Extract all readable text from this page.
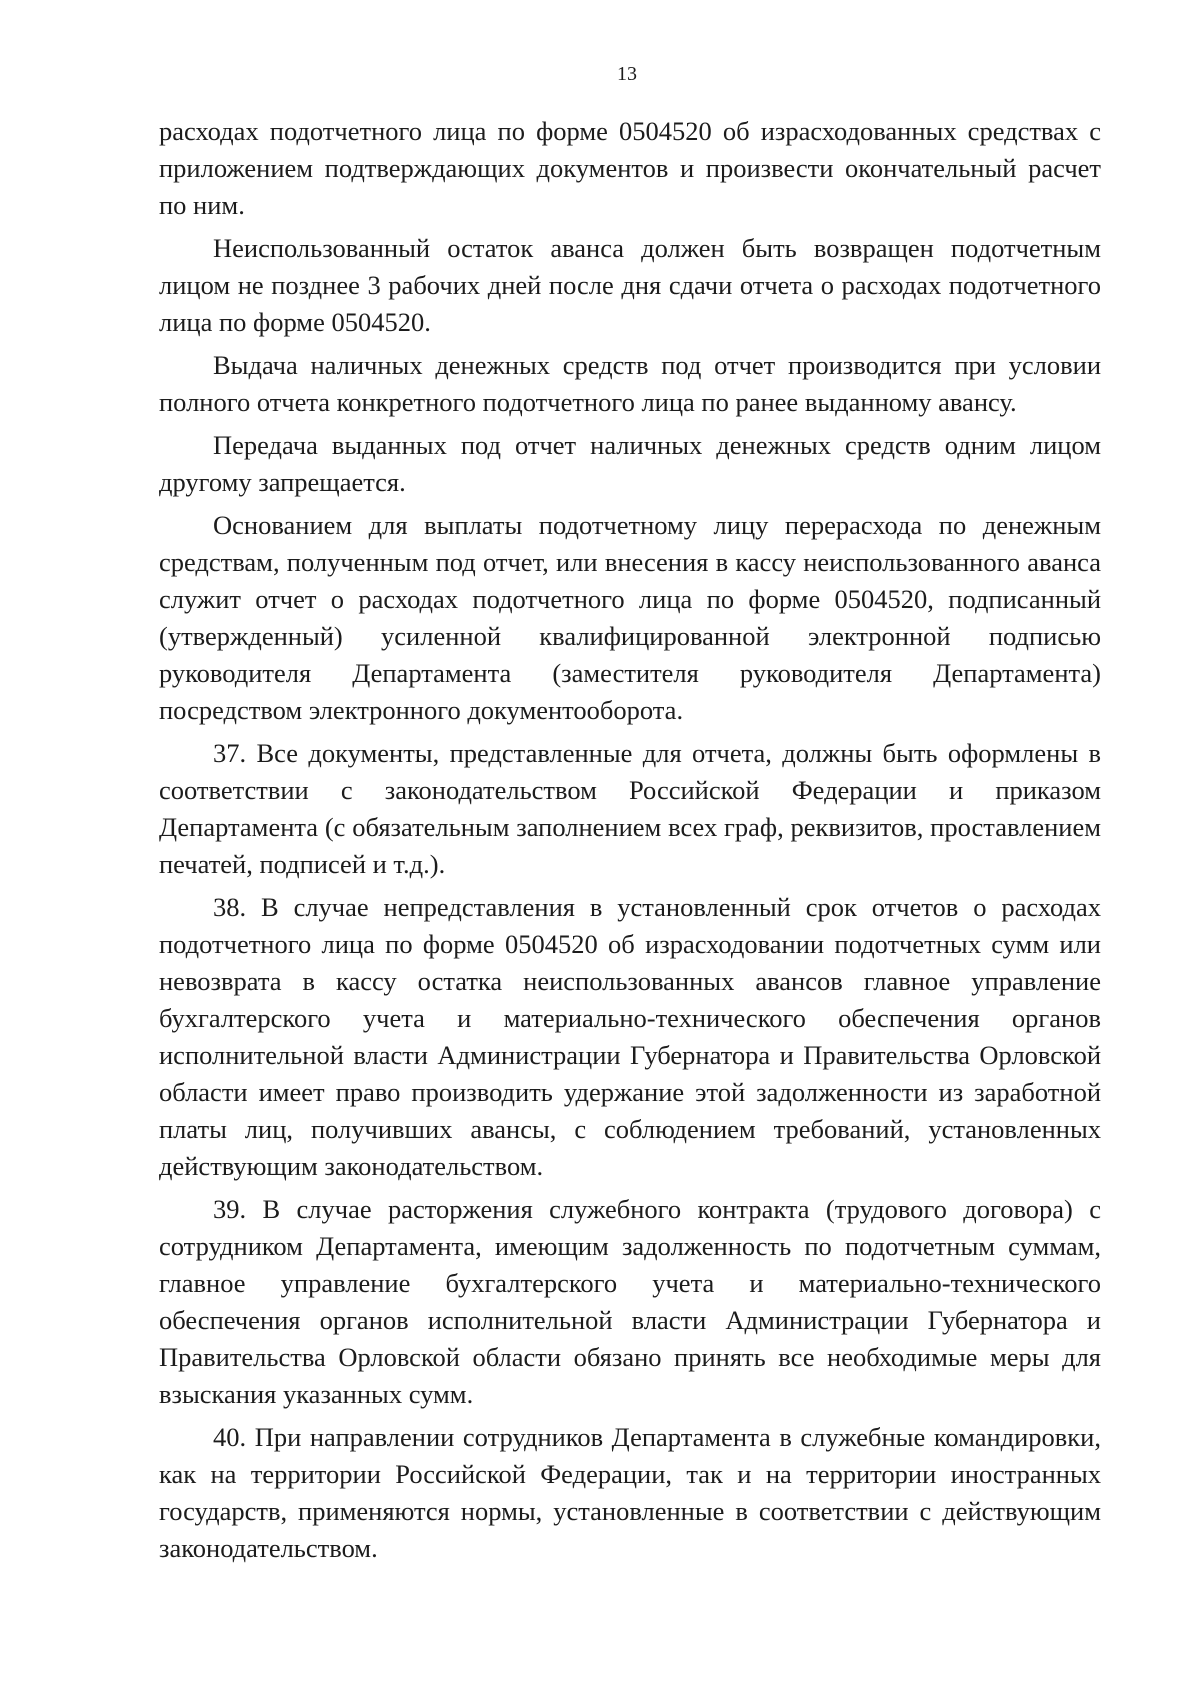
13

расходах подотчетного лица по форме 0504520 об израсходованных средствах с приложением подтверждающих документов и произвести окончательный расчет по ним.

Неиспользованный остаток аванса должен быть возвращен подотчетным лицом не позднее 3 рабочих дней после дня сдачи отчета о расходах подотчетного лица по форме 0504520.

Выдача наличных денежных средств под отчет производится при условии полного отчета конкретного подотчетного лица по ранее выданному авансу.

Передача выданных под отчет наличных денежных средств одним лицом другому запрещается.

Основанием для выплаты подотчетному лицу перерасхода по денежным средствам, полученным под отчет, или внесения в кассу неиспользованного аванса служит отчет о расходах подотчетного лица по форме 0504520, подписанный (утвержденный) усиленной квалифицированной электронной подписью руководителя Департамента (заместителя руководителя Департамента) посредством электронного документооборота.

37. Все документы, представленные для отчета, должны быть оформлены в соответствии с законодательством Российской Федерации и приказом Департамента (с обязательным заполнением всех граф, реквизитов, проставлением печатей, подписей и т.д.).

38. В случае непредставления в установленный срок отчетов о расходах подотчетного лица по форме 0504520 об израсходовании подотчетных сумм или невозврата в кассу остатка неиспользованных авансов главное управление бухгалтерского учета и материально-технического обеспечения органов исполнительной власти Администрации Губернатора и Правительства Орловской области имеет право производить удержание этой задолженности из заработной платы лиц, получивших авансы, с соблюдением требований, установленных действующим законодательством.

39. В случае расторжения служебного контракта (трудового договора) с сотрудником Департамента, имеющим задолженность по подотчетным суммам, главное управление бухгалтерского учета и материально-технического обеспечения органов исполнительной власти Администрации Губернатора и Правительства Орловской области обязано принять все необходимые меры для взыскания указанных сумм.

40. При направлении сотрудников Департамента в служебные командировки, как на территории Российской Федерации, так и на территории иностранных государств, применяются нормы, установленные в соответствии с действующим законодательством.
